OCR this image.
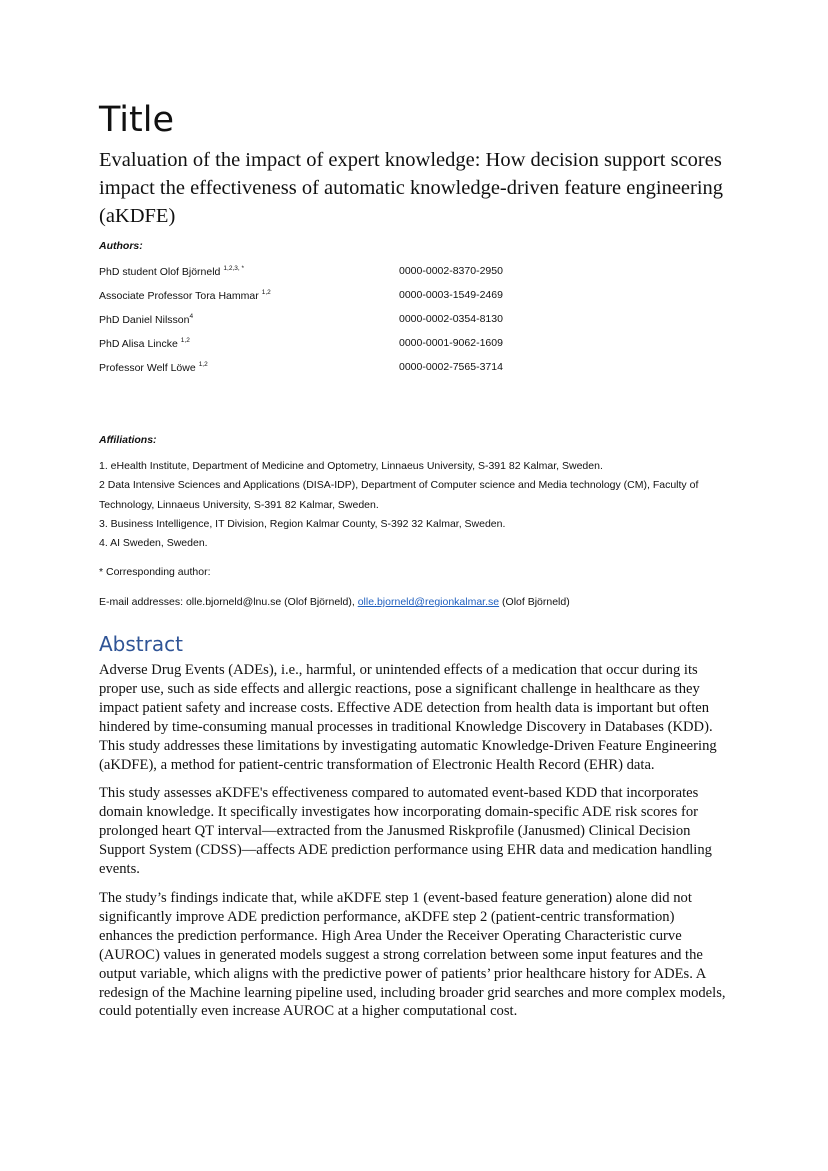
Title
Evaluation of the impact of expert knowledge: How decision support scores impact the effectiveness of automatic knowledge-driven feature engineering (aKDFE)
Authors:
PhD student Olof Björneld $^{1,2,3, *}$	0000-0002-8370-2950
Associate Professor Tora Hammar $^{1,2}$	0000-0003-1549-2469
PhD Daniel Nilsson$^4$	0000-0002-0354-8130
PhD Alisa Lincke $^{1,2}$	0000-0001-9062-1609
Professor Welf Löwe $^{1,2}$	0000-0002-7565-3714
Affiliations:
1. eHealth Institute, Department of Medicine and Optometry, Linnaeus University, S-391 82 Kalmar, Sweden.
2 Data Intensive Sciences and Applications (DISA-IDP), Department of Computer science and Media technology (CM), Faculty of Technology, Linnaeus University, S-391 82 Kalmar, Sweden.
3. Business Intelligence, IT Division, Region Kalmar County, S-392 32 Kalmar, Sweden.
4. AI Sweden, Sweden.
* Corresponding author:
E-mail addresses: olle.bjorneld@lnu.se (Olof Björneld), olle.bjorneld@regionkalmar.se (Olof Björneld)
Abstract

Adverse Drug Events (ADEs), i.e., harmful, or unintended effects of a medication that occur during its proper use, such as side effects and allergic reactions, pose a significant challenge in healthcare as they impact patient safety and increase costs. Effective ADE detection from health data is important but often hindered by time-consuming manual processes in traditional Knowledge Discovery in Databases (KDD). This study addresses these limitations by investigating automatic Knowledge-Driven Feature Engineering (aKDFE), a method for patient-centric transformation of Electronic Health Record (EHR) data.

This study assesses aKDFE's effectiveness compared to automated event-based KDD that incorporates domain knowledge. It specifically investigates how incorporating domain-specific ADE risk scores for prolonged heart QT interval—extracted from the Janusmed Riskprofile (Janusmed) Clinical Decision Support System (CDSS)—affects ADE prediction performance using EHR data and medication handling events.

The study’s findings indicate that, while aKDFE step 1 (event-based feature generation) alone did not significantly improve ADE prediction performance, aKDFE step 2 (patient-centric transformation) enhances the prediction performance. High Area Under the Receiver Operating Characteristic curve (AUROC) values in generated models suggest a strong correlation between some input features and the output variable, which aligns with the predictive power of patients’ prior healthcare history for ADEs. A redesign of the Machine learning pipeline used, including broader grid searches and more complex models, could potentially even increase AUROC at a higher computational cost.
